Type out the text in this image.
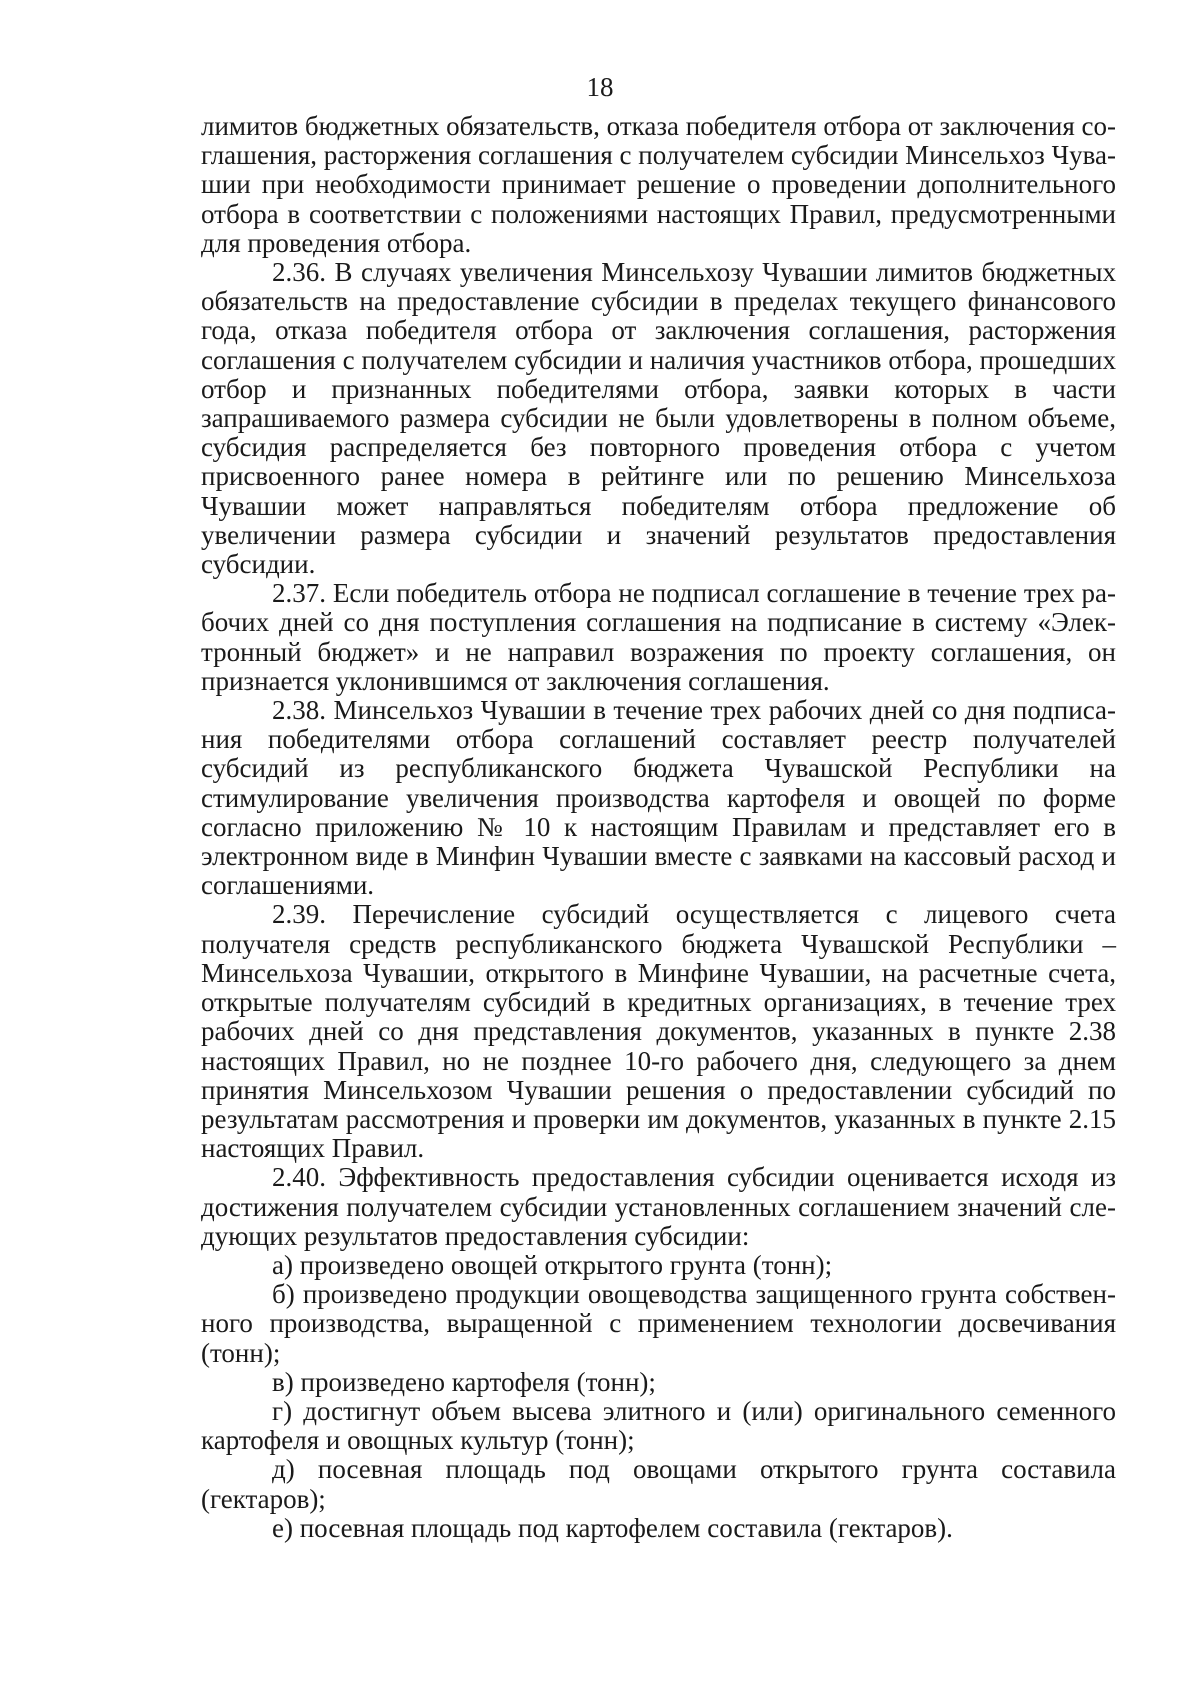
18

лимитов бюджетных обязательств, отказа победителя отбора от заключения соглашения, расторжения соглашения с получателем субсидии Минсельхоз Чувашии при необходимости принимает решение о проведении дополнительного отбора в соответствии с положениями настоящих Правил, предусмотренными для проведения отбора.

2.36. В случаях увеличения Минсельхозу Чувашии лимитов бюджетных обязательств на предоставление субсидии в пределах текущего финансового года, отказа победителя отбора от заключения соглашения, расторжения соглашения с получателем субсидии и наличия участников отбора, прошедших отбор и признанных победителями отбора, заявки которых в части запрашиваемого размера субсидии не были удовлетворены в полном объеме, субсидия распределяется без повторного проведения отбора с учетом присвоенного ранее номера в рейтинге или по решению Минсельхоза Чувашии может направляться победителям отбора предложение об увеличении размера субсидии и значений результатов предоставления субсидии.

2.37. Если победитель отбора не подписал соглашение в течение трех рабочих дней со дня поступления соглашения на подписание в систему «Электронный бюджет» и не направил возражения по проекту соглашения, он признается уклонившимся от заключения соглашения.

2.38. Минсельхоз Чувашии в течение трех рабочих дней со дня подписания победителями отбора соглашений составляет реестр получателей субсидий из республиканского бюджета Чувашской Республики на стимулирование увеличения производства картофеля и овощей по форме согласно приложению № 10 к настоящим Правилам и представляет его в электронном виде в Минфин Чувашии вместе с заявками на кассовый расход и соглашениями.

2.39. Перечисление субсидий осуществляется с лицевого счета получателя средств республиканского бюджета Чувашской Республики – Минсельхоза Чувашии, открытого в Минфине Чувашии, на расчетные счета, открытые получателям субсидий в кредитных организациях, в течение трех рабочих дней со дня представления документов, указанных в пункте 2.38 настоящих Правил, но не позднее 10-го рабочего дня, следующего за днем принятия Минсельхозом Чувашии решения о предоставлении субсидий по результатам рассмотрения и проверки им документов, указанных в пункте 2.15 настоящих Правил.

2.40. Эффективность предоставления субсидии оценивается исходя из достижения получателем субсидии установленных соглашением значений следующих результатов предоставления субсидии:

а) произведено овощей открытого грунта (тонн);

б) произведено продукции овощеводства защищенного грунта собственного производства, выращенной с применением технологии досвечивания (тонн);

в) произведено картофеля (тонн);

г) достигнут объем высева элитного и (или) оригинального семенного картофеля и овощных культур (тонн);

д) посевная площадь под овощами открытого грунта составила (гектаров);

е) посевная площадь под картофелем составила (гектаров).
